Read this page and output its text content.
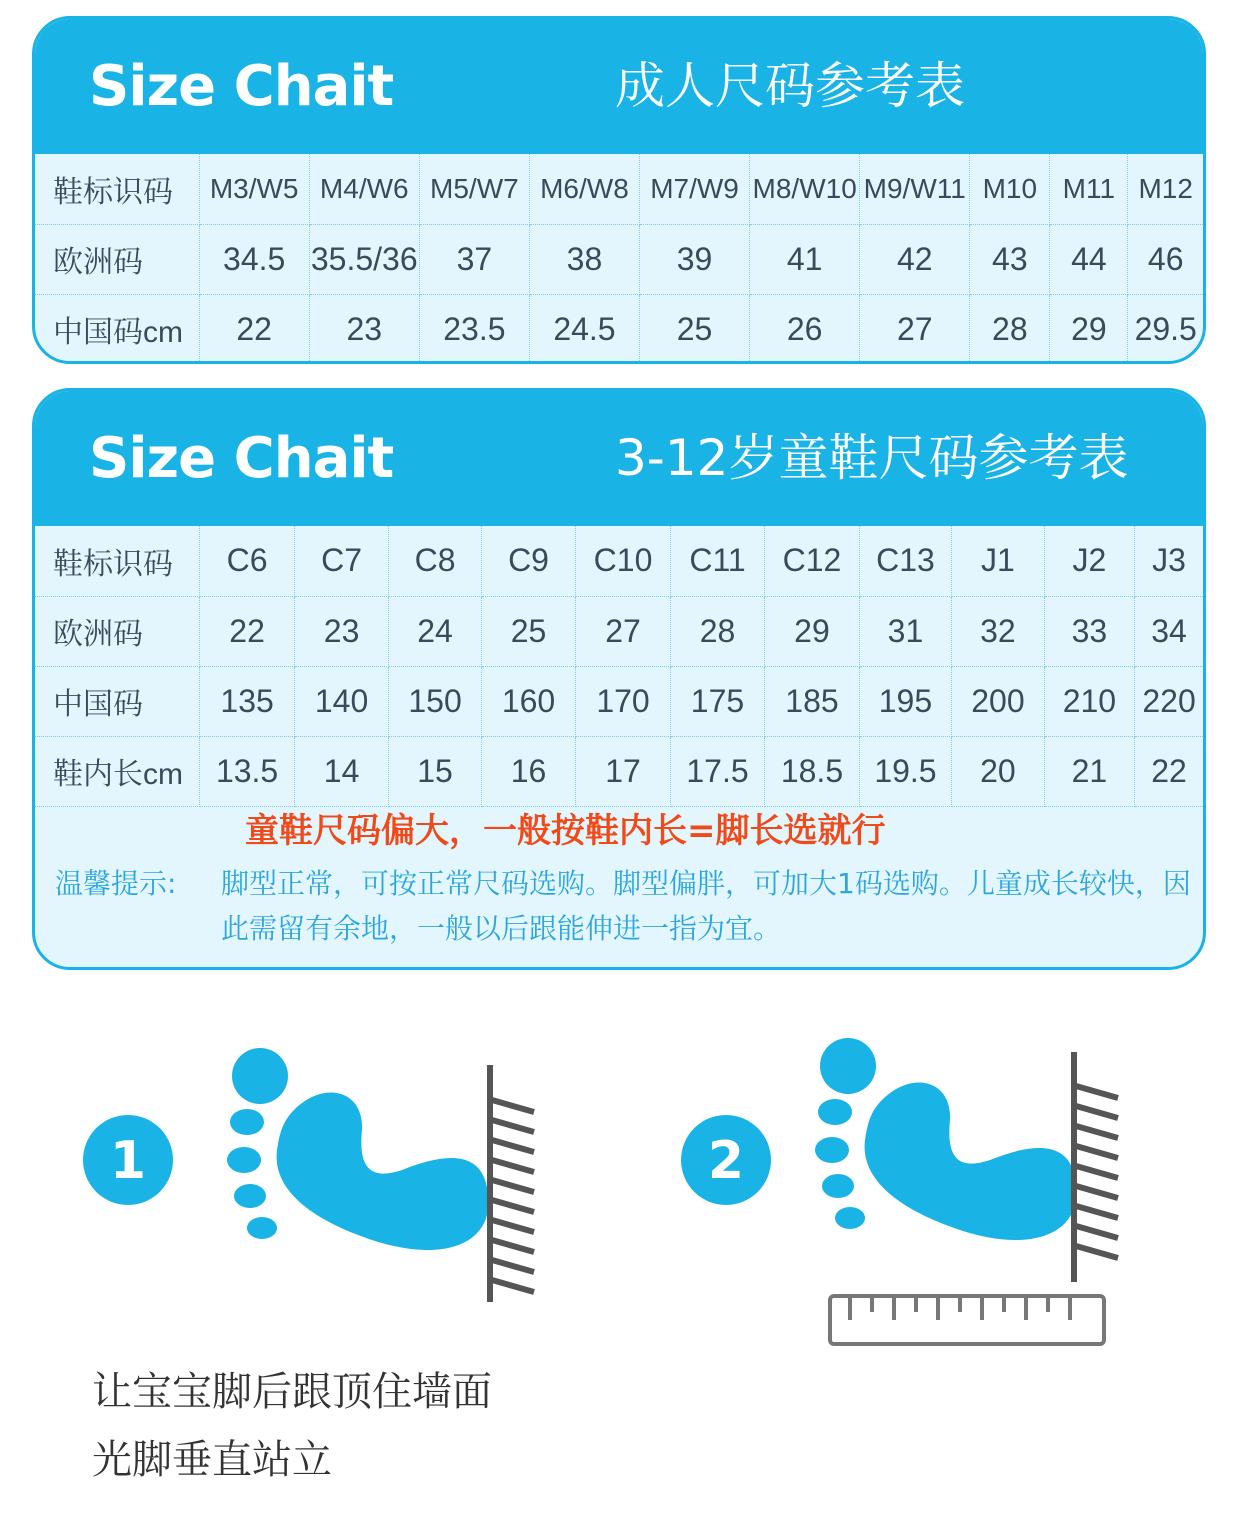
Size Chait	成人尺码参考表
鞋标识码	M3/W5	M4/W6	M5/W7	M6/W8	M7/W9	M8/W10	M9/W11	M10	M11	M12
欧洲码	34.5	35.5/36	37	38	39	41	42	43	44	46
中国码cm	22	23	23.5	24.5	25	26	27	28	29	29.5
Size Chait	3-12岁童鞋尺码参考表
鞋标识码	C6	C7	C8	C9	C10	C11	C12	C13	J1	J2	J3
欧洲码	22	23	24	25	27	28	29	31	32	33	34
中国码	135	140	150	160	170	175	185	195	200	210	220
鞋内长cm	13.5	14	15	16	17	17.5	18.5	19.5	20	21	22
童鞋尺码偏大，一般按鞋内长=脚长选就行
温馨提示: 脚型正常，可按正常尺码选购。脚型偏胖，可加大1码选购。儿童成长较快，因此需留有余地，一般以后跟能伸进一指为宜。
1	2
让宝宝脚后跟顶住墙面
光脚垂直站立
